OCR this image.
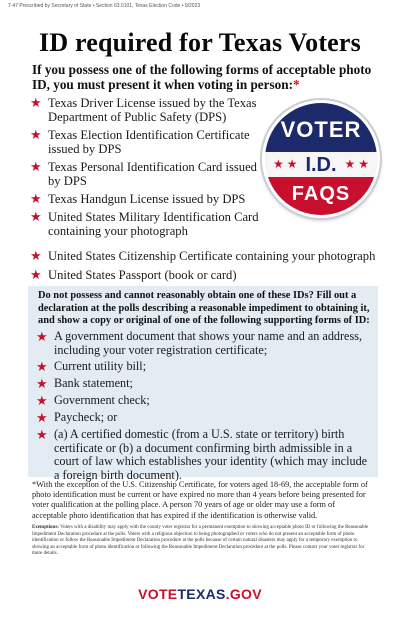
7-47 Prescribed by Secretary of State • Section 63.0101, Texas Election Code • 9/2023
ID required for Texas Voters

If you possess one of the following forms of acceptable photo ID, you must present it when voting in person:*

★ Texas Driver License issued by the Texas Department of Public Safety (DPS)
★ Texas Election Identification Certificate issued by DPS
★ Texas Personal Identification Card issued by DPS
★ Texas Handgun License issued by DPS
★ United States Military Identification Card containing your photograph
★ United States Citizenship Certificate containing your photograph
★ United States Passport (book or card)
VOTER
★ ★ I.D. ★ ★
FAQS

Do not possess and cannot reasonably obtain one of these IDs? Fill out a declaration at the polls describing a reasonable impediment to obtaining it, and show a copy or original of one of the following supporting forms of ID:

★ A government document that shows your name and an address, including your voter registration certificate;
★ Current utility bill;
★ Bank statement;
★ Government check;
★ Paycheck; or
★ (a) A certified domestic (from a U.S. state or territory) birth certificate or (b) a document confirming birth admissible in a court of law which establishes your identity (which may include a foreign birth document).

*With the exception of the U.S. Citizenship Certificate, for voters aged 18-69, the acceptable form of photo identification must be current or have expired no more than 4 years before being presented for voter qualification at the polling place. A person 70 years of age or older may use a form of acceptable photo identification that has expired if the identification is otherwise valid.

Exemptions: Voters with a disability may apply with the county voter registrar for a permanent exemption to showing acceptable photo ID or following the Reasonable Impediment Declaration procedure at the polls. Voters with a religious objection to being photographed or voters who do not present an acceptable form of photo identification or follow the Reasonable Impediment Declaration procedure at the polls because of certain natural disasters may apply for a temporary exemption to showing an acceptable form of photo identification or following the Reasonable Impediment Declaration procedure at the polls. Please contact your voter registrar for more details.

VOTETEXAS.GOV
